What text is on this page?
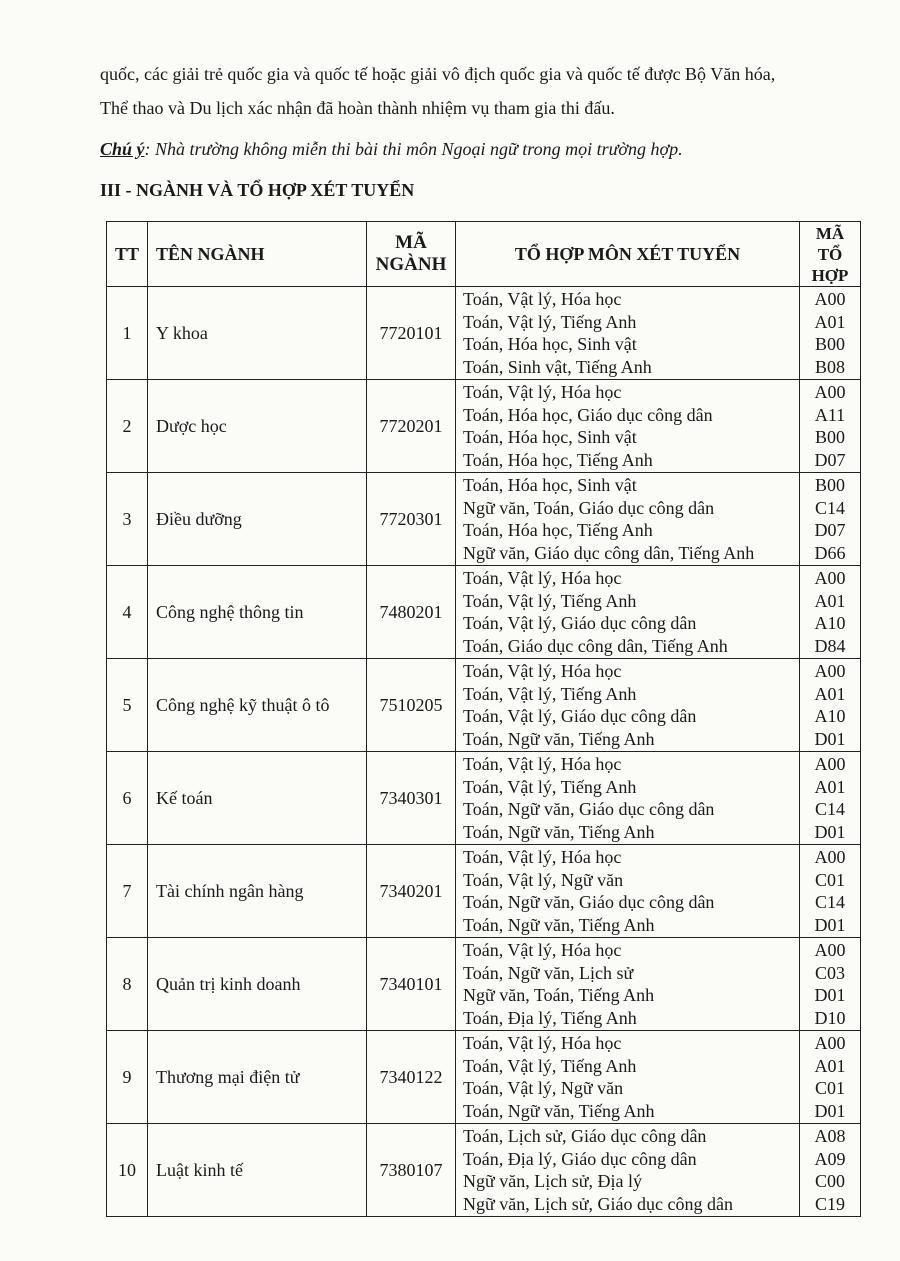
quốc, các giải trẻ quốc gia và quốc tế hoặc giải vô địch quốc gia và quốc tế được Bộ Văn hóa,
Thể thao và Du lịch xác nhận đã hoàn thành nhiệm vụ tham gia thi đấu.
Chú ý: Nhà trường không miễn thi bài thi môn Ngoại ngữ trong mọi trường hợp.
III - NGÀNH VÀ TỔ HỢP XÉT TUYỂN
TT	TÊN NGÀNH	MÃ
NGÀNH	TỔ HỢP MÔN XÉT TUYỂN	MÃ
TỔ
HỢP

1	Y khoa	7720101	Toán, Vật lý, Hóa học
Toán, Vật lý, Tiếng Anh
Toán, Hóa học, Sinh vật
Toán, Sinh vật, Tiếng Anh	A00
A01
B00
B08

2	Dược học	7720201	Toán, Vật lý, Hóa học
Toán, Hóa học, Giáo dục công dân
Toán, Hóa học, Sinh vật
Toán, Hóa học, Tiếng Anh	A00
A11
B00
D07

3	Điều dưỡng	7720301	Toán, Hóa học, Sinh vật
Ngữ văn, Toán, Giáo dục công dân
Toán, Hóa học, Tiếng Anh
Ngữ văn, Giáo dục công dân, Tiếng Anh	B00
C14
D07
D66

4	Công nghệ thông tin	7480201	Toán, Vật lý, Hóa học
Toán, Vật lý, Tiếng Anh
Toán, Vật lý, Giáo dục công dân
Toán, Giáo dục công dân, Tiếng Anh	A00
A01
A10
D84

5	Công nghệ kỹ thuật ô tô	7510205	Toán, Vật lý, Hóa học
Toán, Vật lý, Tiếng Anh
Toán, Vật lý, Giáo dục công dân
Toán, Ngữ văn, Tiếng Anh	A00
A01
A10
D01

6	Kế toán	7340301	Toán, Vật lý, Hóa học
Toán, Vật lý, Tiếng Anh
Toán, Ngữ văn, Giáo dục công dân
Toán, Ngữ văn, Tiếng Anh	A00
A01
C14
D01

7	Tài chính ngân hàng	7340201	Toán, Vật lý, Hóa học
Toán, Vật lý, Ngữ văn
Toán, Ngữ văn, Giáo dục công dân
Toán, Ngữ văn, Tiếng Anh	A00
C01
C14
D01

8	Quản trị kinh doanh	7340101	Toán, Vật lý, Hóa học
Toán, Ngữ văn, Lịch sử
Ngữ văn, Toán, Tiếng Anh
Toán, Địa lý, Tiếng Anh	A00
C03
D01
D10

9	Thương mại điện tử	7340122	Toán, Vật lý, Hóa học
Toán, Vật lý, Tiếng Anh
Toán, Vật lý, Ngữ văn
Toán, Ngữ văn, Tiếng Anh	A00
A01
C01
D01

10	Luật kinh tế	7380107	Toán, Lịch sử, Giáo dục công dân
Toán, Địa lý, Giáo dục công dân
Ngữ văn, Lịch sử, Địa lý
Ngữ văn, Lịch sử, Giáo dục công dân	A08
A09
C00
C19
